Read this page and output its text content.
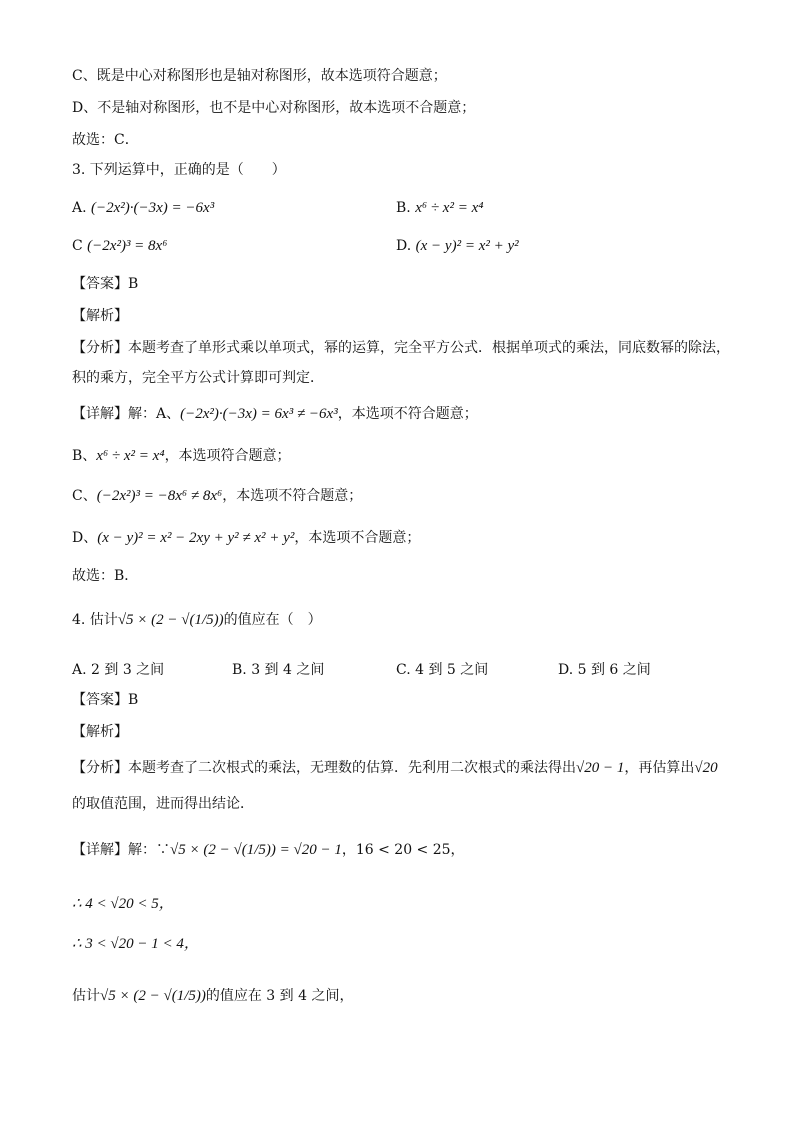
C、既是中心对称图形也是轴对称图形，故本选项符合题意；
D、不是轴对称图形，也不是中心对称图形，故本选项不合题意；
故选：C．
3. 下列运算中，正确的是（　　）
A. (−2x²)·(−3x) = −6x³	B. x⁶ ÷ x² = x⁴
C (−2x²)³ = 8x⁶	D. (x − y)² = x² + y²
【答案】B
【解析】
【分析】本题考查了单形式乘以单项式，幂的运算，完全平方公式．根据单项式的乘法，同底数幂的除法，
积的乘方，完全平方公式计算即可判定．
【详解】解：A、(−2x²)·(−3x) = 6x³ ≠ −6x³，本选项不符合题意；
B、x⁶ ÷ x² = x⁴，本选项符合题意；
C、(−2x²)³ = −8x⁶ ≠ 8x⁶，本选项不符合题意；
D、(x − y)² = x² − 2xy + y² ≠ x² + y²，本选项不合题意；
故选：B．
4. 估计√5 × (2 − √(1/5))的值应在（　）
A. 2 到 3 之间	B. 3 到 4 之间	C. 4 到 5 之间	D. 5 到 6 之间
【答案】B
【解析】
【分析】本题考查了二次根式的乘法，无理数的估算．先利用二次根式的乘法得出√20 − 1，再估算出√20
的取值范围，进而得出结论．
【详解】解：∵√5 × (2 − √(1/5)) = √20 − 1，16 < 20 < 25，
∴ 4 < √20 < 5，
∴ 3 < √20 − 1 < 4，
估计√5 × (2 − √(1/5))的值应在 3 到 4 之间，
